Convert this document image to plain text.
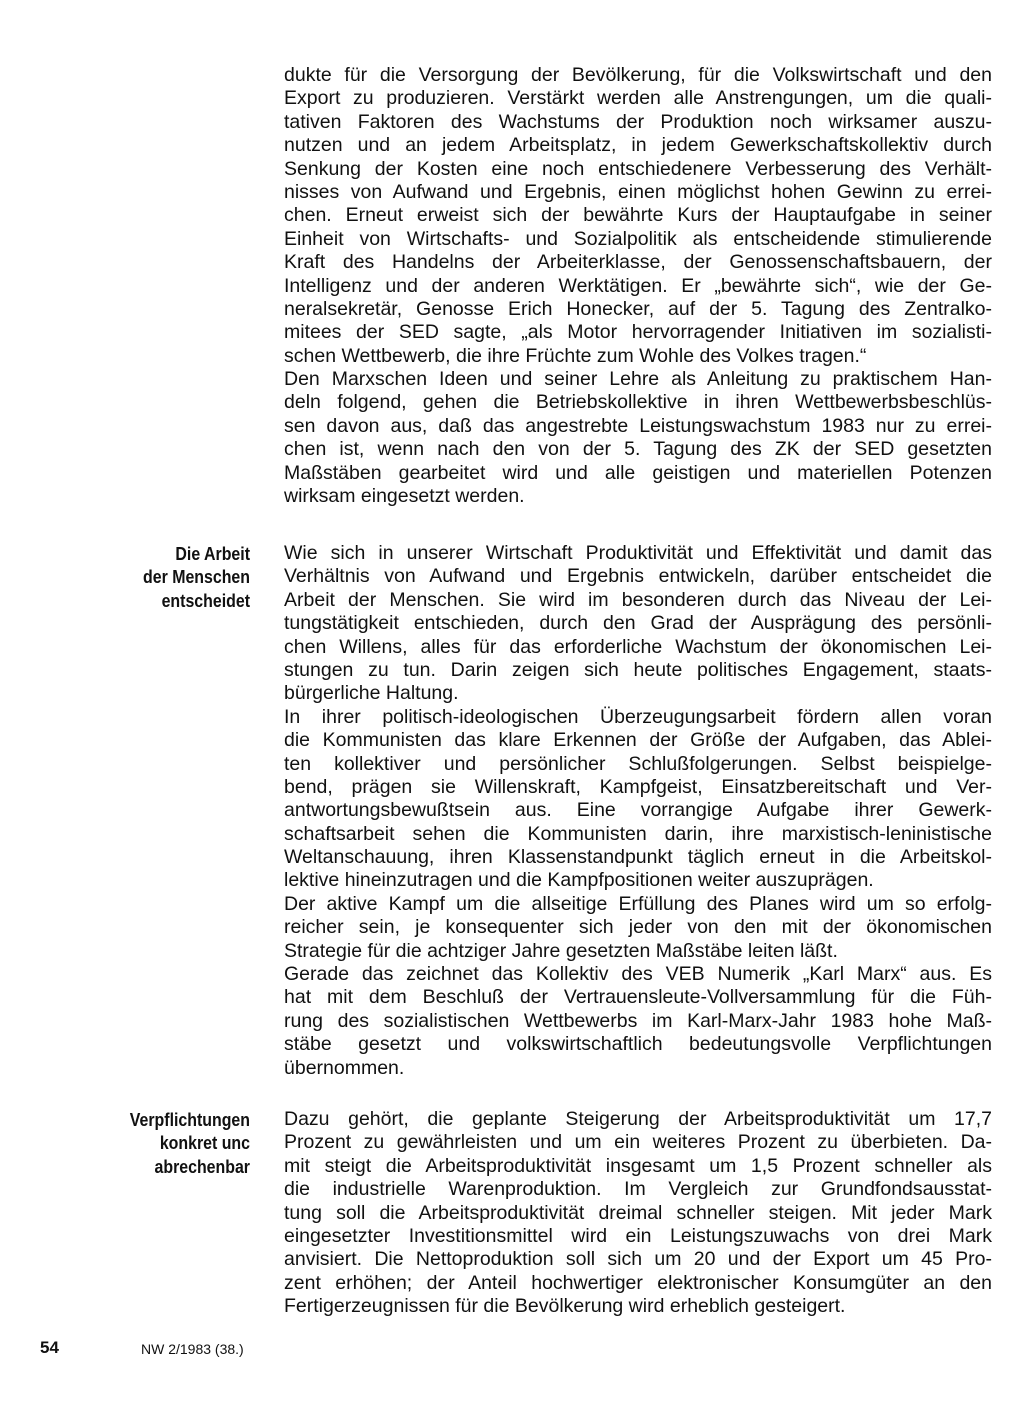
dukte für die Versorgung der Bevölkerung, für die Volkswirtschaft und den
Export zu produzieren. Verstärkt werden alle Anstrengungen, um die quali-
tativen Faktoren des Wachstums der Produktion noch wirksamer auszu-
nutzen und an jedem Arbeitsplatz, in jedem Gewerkschaftskollektiv durch
Senkung der Kosten eine noch entschiedenere Verbesserung des Verhält-
nisses von Aufwand und Ergebnis, einen möglichst hohen Gewinn zu errei-
chen. Erneut erweist sich der bewährte Kurs der Hauptaufgabe in seiner
Einheit von Wirtschafts- und Sozialpolitik als entscheidende stimulierende
Kraft des Handelns der Arbeiterklasse, der Genossenschaftsbauern, der
Intelligenz und der anderen Werktätigen. Er „bewährte sich“, wie der Ge-
neralsekretär, Genosse Erich Honecker, auf der 5. Tagung des Zentralko-
mitees der SED sagte, „als Motor hervorragender Initiativen im sozialisti-
schen Wettbewerb, die ihre Früchte zum Wohle des Volkes tragen.“
Den Marxschen Ideen und seiner Lehre als Anleitung zu praktischem Han-
deln folgend, gehen die Betriebskollektive in ihren Wettbewerbsbeschlüs-
sen davon aus, daß das angestrebte Leistungswachstum 1983 nur zu errei-
chen ist, wenn nach den von der 5. Tagung des ZK der SED gesetzten
Maßstäben gearbeitet wird und alle geistigen und materiellen Potenzen
wirksam eingesetzt werden.
Die Arbeit
der Menschen
entscheidet
Wie sich in unserer Wirtschaft Produktivität und Effektivität und damit das
Verhältnis von Aufwand und Ergebnis entwickeln, darüber entscheidet die
Arbeit der Menschen. Sie wird im besonderen durch das Niveau der Lei-
tungstätigkeit entschieden, durch den Grad der Ausprägung des persönli-
chen Willens, alles für das erforderliche Wachstum der ökonomischen Lei-
stungen zu tun. Darin zeigen sich heute politisches Engagement, staats-
bürgerliche Haltung.
In ihrer politisch-ideologischen Überzeugungsarbeit fördern allen voran
die Kommunisten das klare Erkennen der Größe der Aufgaben, das Ablei-
ten kollektiver und persönlicher Schlußfolgerungen. Selbst beispielge-
bend, prägen sie Willenskraft, Kampfgeist, Einsatzbereitschaft und Ver-
antwortungsbewußtsein aus. Eine vorrangige Aufgabe ihrer Gewerk-
schaftsarbeit sehen die Kommunisten darin, ihre marxistisch-leninistische
Weltanschauung, ihren Klassenstandpunkt täglich erneut in die Arbeitskol-
lektive hineinzutragen und die Kampfpositionen weiter auszuprägen.
Der aktive Kampf um die allseitige Erfüllung des Planes wird um so erfolg-
reicher sein, je konsequenter sich jeder von den mit der ökonomischen
Strategie für die achtziger Jahre gesetzten Maßstäbe leiten läßt.
Gerade das zeichnet das Kollektiv des VEB Numerik „Karl Marx“ aus. Es
hat mit dem Beschluß der Vertrauensleute-Vollversammlung für die Füh-
rung des sozialistischen Wettbewerbs im Karl-Marx-Jahr 1983 hohe Maß-
stäbe gesetzt und volkswirtschaftlich bedeutungsvolle Verpflichtungen
übernommen.
Verpflichtungen
konkret unc
abrechenbar
Dazu gehört, die geplante Steigerung der Arbeitsproduktivität um 17,7
Prozent zu gewährleisten und um ein weiteres Prozent zu überbieten. Da-
mit steigt die Arbeitsproduktivität insgesamt um 1,5 Prozent schneller als
die industrielle Warenproduktion. Im Vergleich zur Grundfondsausstat-
tung soll die Arbeitsproduktivität dreimal schneller steigen. Mit jeder Mark
eingesetzter Investitionsmittel wird ein Leistungszuwachs von drei Mark
anvisiert. Die Nettoproduktion soll sich um 20 und der Export um 45 Pro-
zent erhöhen; der Anteil hochwertiger elektronischer Konsumgüter an den
Fertigerzeugnissen für die Bevölkerung wird erheblich gesteigert.
54	NW 2/1983 (38.)
